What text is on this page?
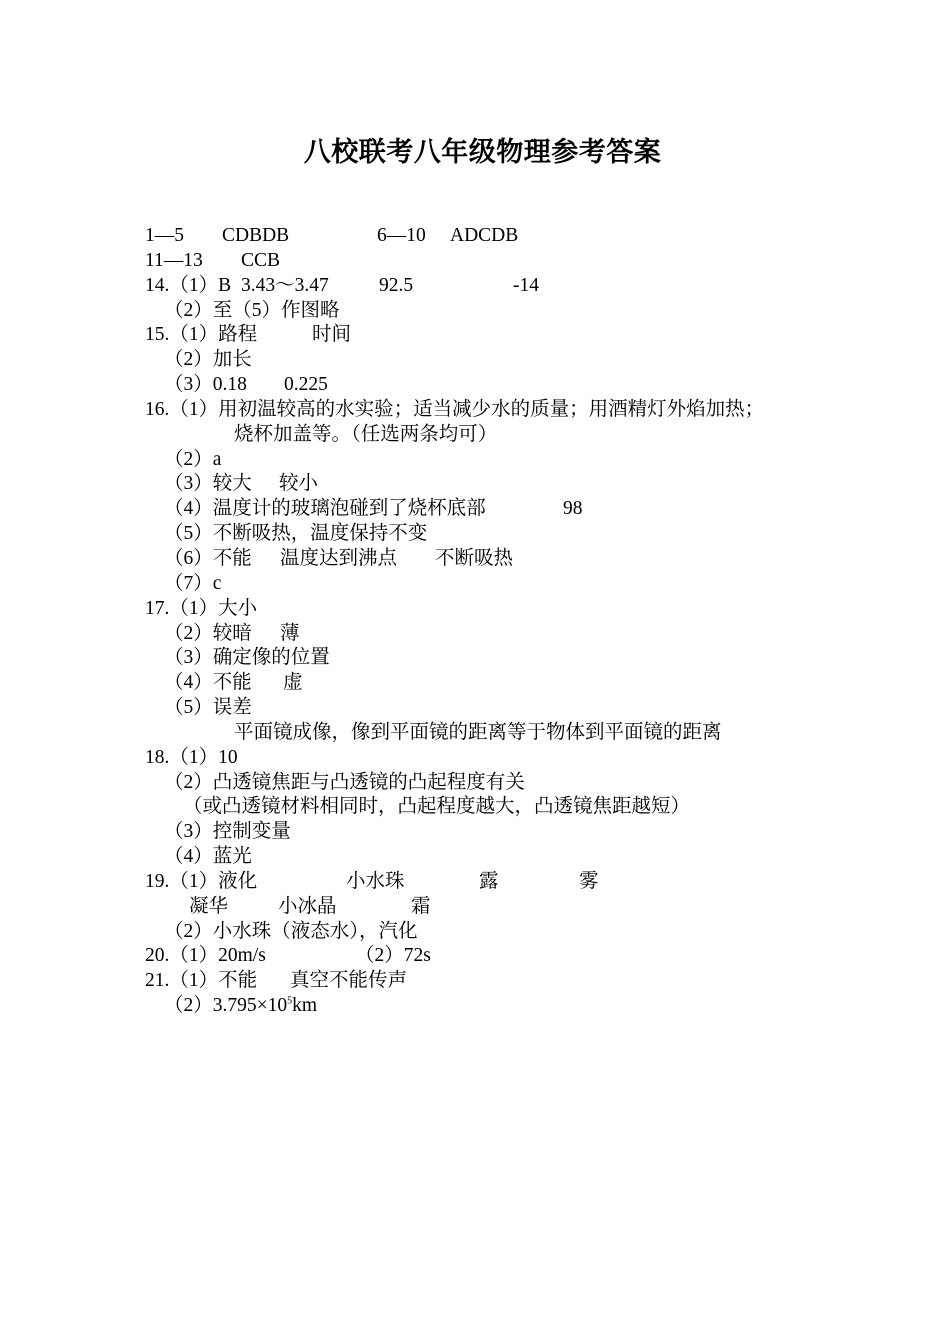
八校联考八年级物理参考答案
1—5 CDBDB	6—10 ADCDB
11—13 CCB
14.（1）B 3.43～3.47	92.5	-14
（2）至（5）作图略
15.（1）路程	时间
（2）加长
（3）0.18 0.225
16.（1）用初温较高的水实验；适当减少水的质量；用酒精灯外焰加热；
烧杯加盖等。（任选两条均可）
（2）a
（3）较大 较小
（4）温度计的玻璃泡碰到了烧杯底部	98
（5）不断吸热，温度保持不变
（6）不能 温度达到沸点 不断吸热
（7）c
17.（1）大小
（2）较暗 薄
（3）确定像的位置
（4）不能 虚
（5）误差
平面镜成像，像到平面镜的距离等于物体到平面镜的距离
18.（1）10
（2）凸透镜焦距与凸透镜的凸起程度有关
（或凸透镜材料相同时，凸起程度越大，凸透镜焦距越短）
（3）控制变量
（4）蓝光
19.（1）液化	小水珠	露	雾
凝华	小冰晶	霜
（2）小水珠（液态水），汽化
20.（1）20m/s	（2）72s
21.（1）不能 真空不能传声
$(2)3.795\times 10^5km$
